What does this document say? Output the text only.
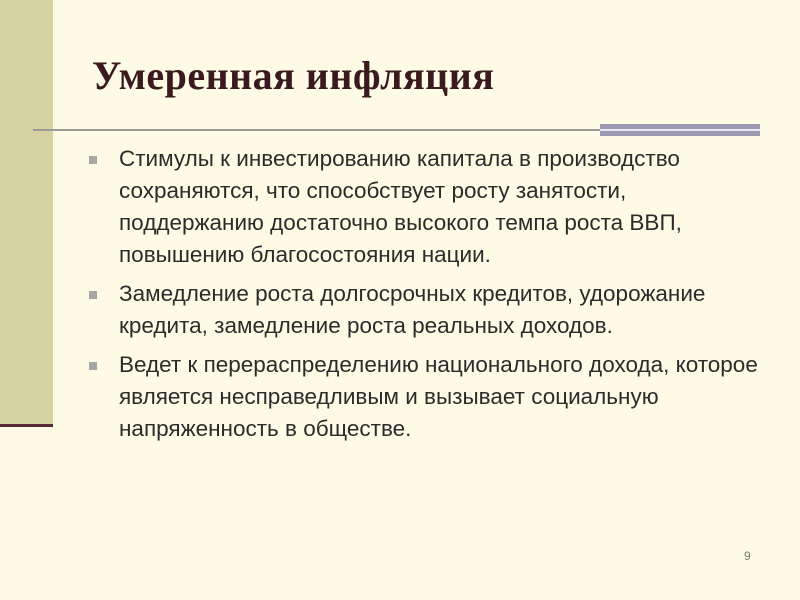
Умеренная инфляция
Стимулы к инвестированию капитала в производство сохраняются, что способствует росту занятости, поддержанию достаточно высокого темпа роста ВВП, повышению благосостояния нации.
Замедление роста долгосрочных кредитов, удорожание кредита, замедление роста реальных доходов.
Ведет к перераспределению национального дохода, которое является несправедливым и вызывает социальную напряженность в обществе.
9
